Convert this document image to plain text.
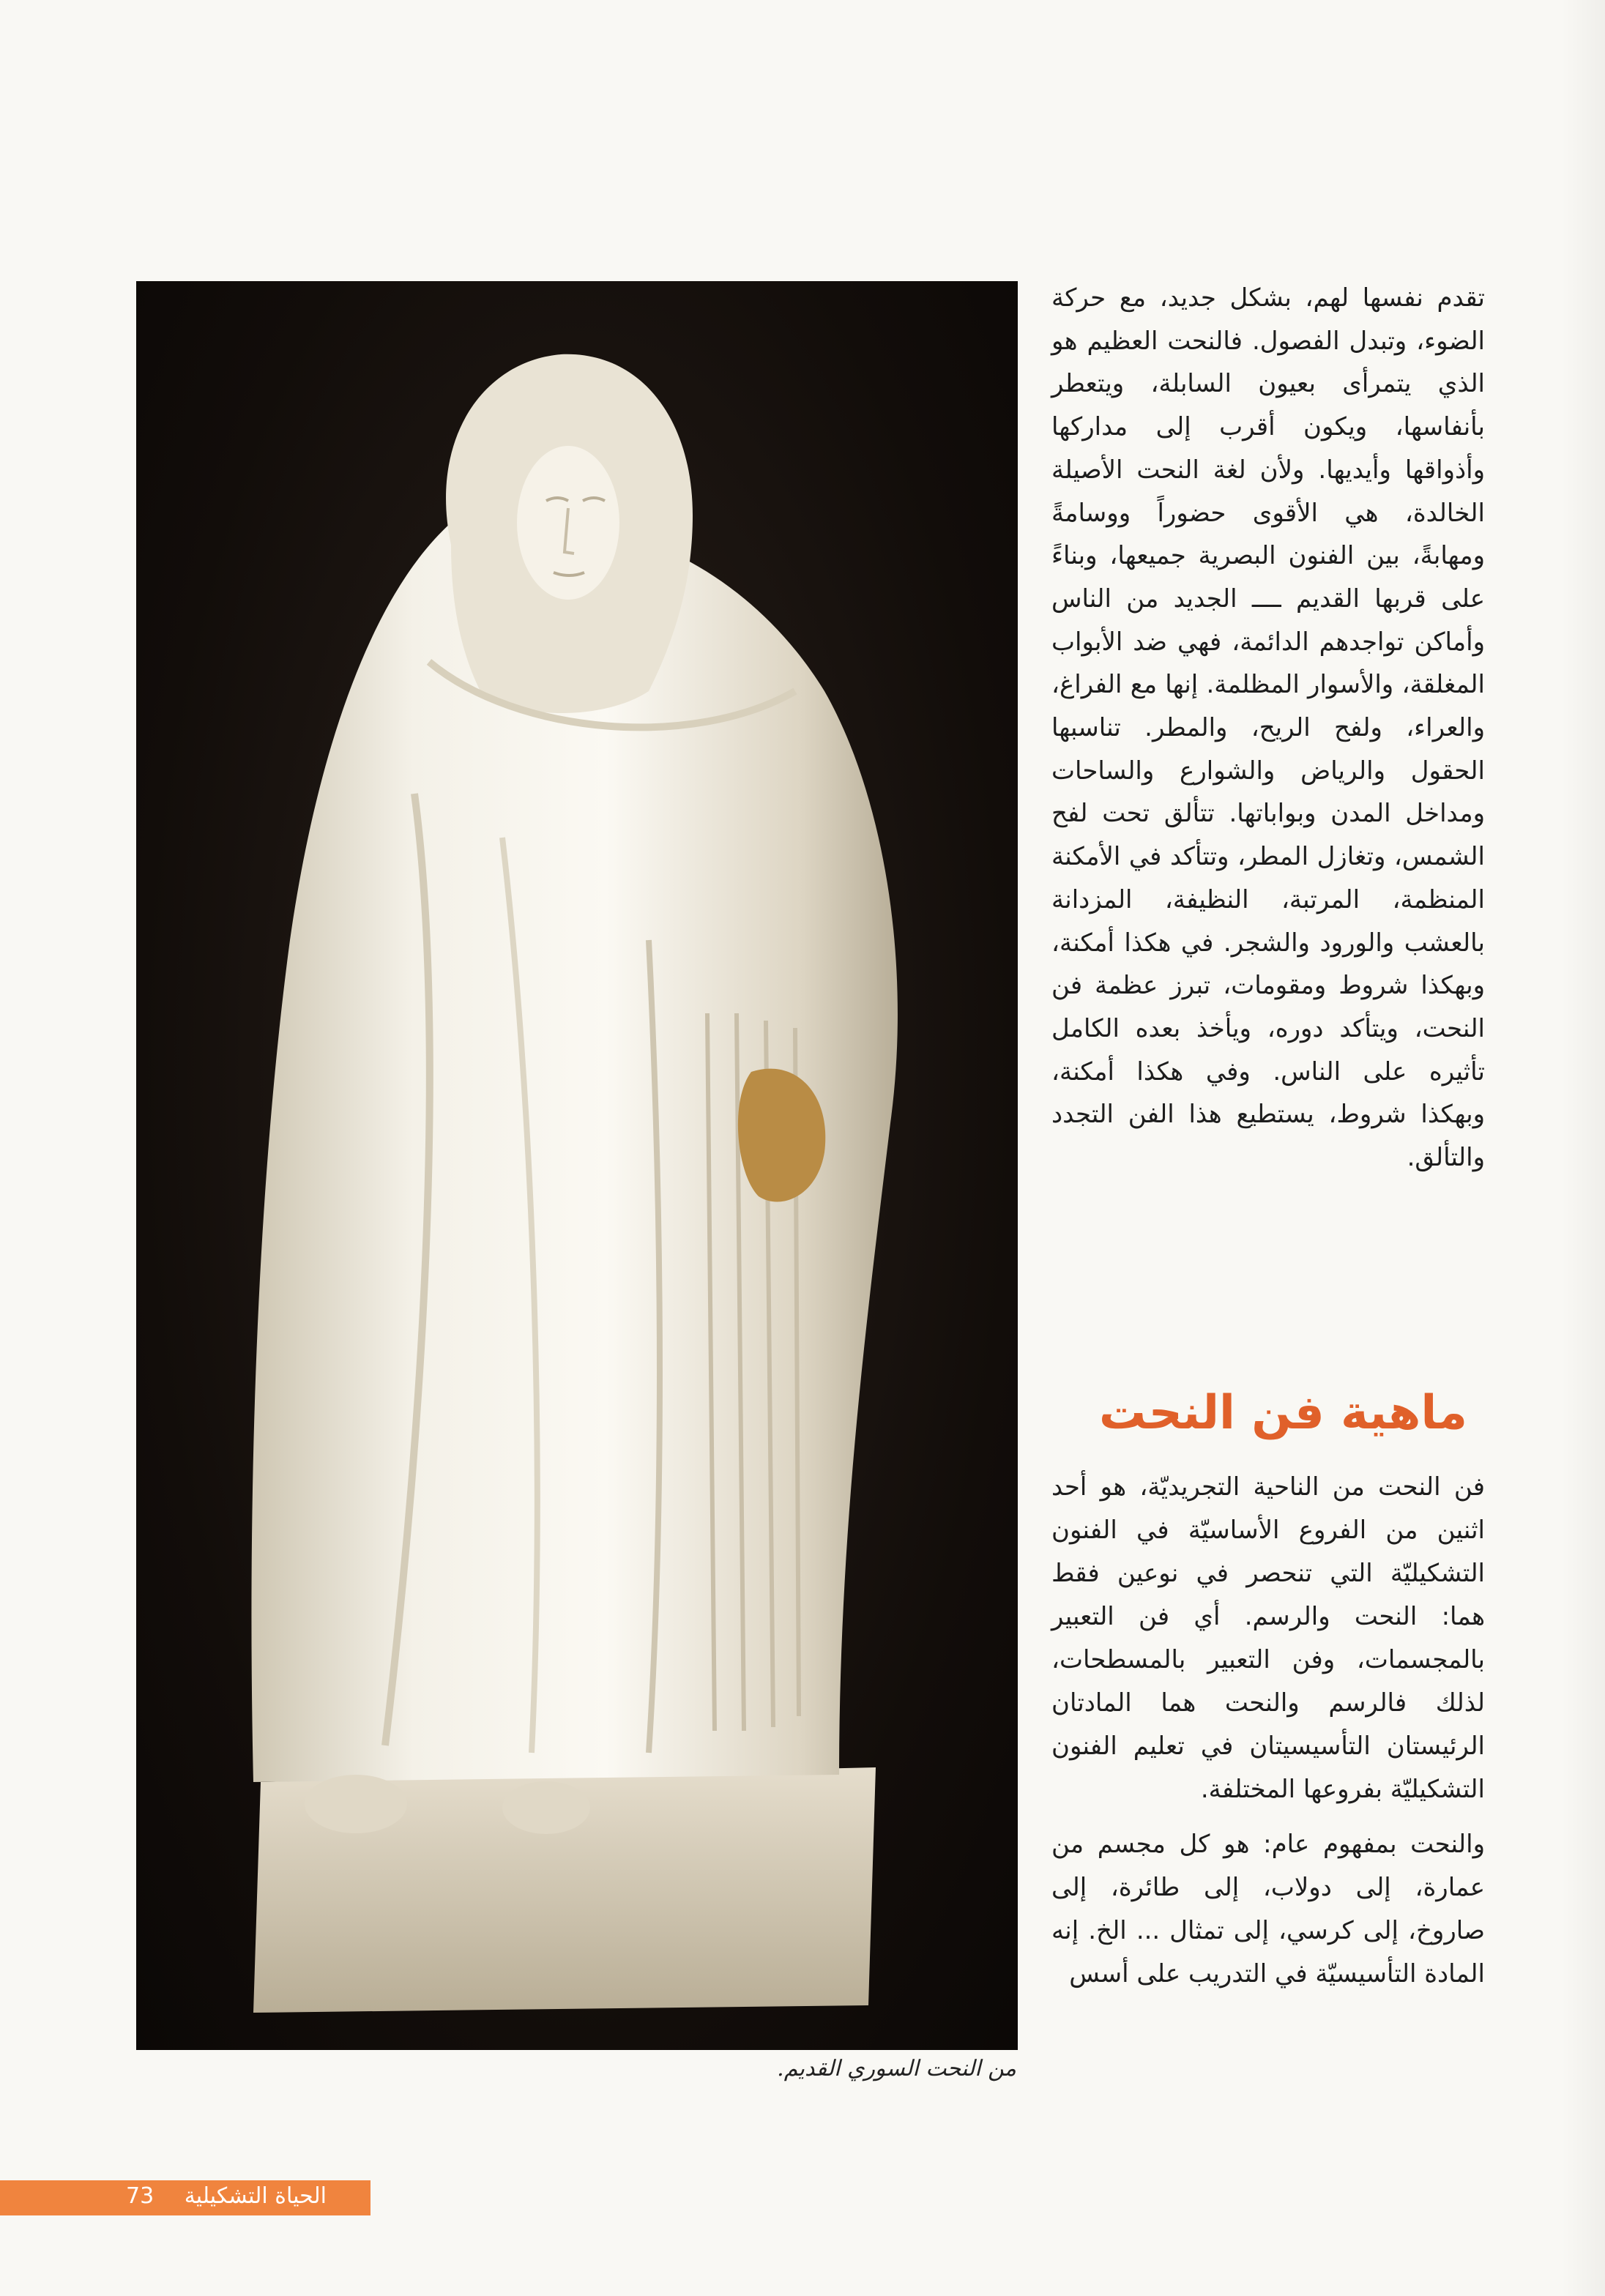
من النحت السوري القديم.

تقدم نفسها لهم، بشكل جديد، مع حركة الضوء، وتبدل الفصول. فالنحت العظيم هو الذي يتمرأى بعيون السابلة، ويتعطر بأنفاسها، ويكون أقرب إلى مداركها وأذواقها وأيديها. ولأن لغة النحت الأصيلة الخالدة، هي الأقوى حضوراً ووسامةً ومهابةً، بين الفنون البصرية جميعها، وبناءً على قربها القديم ــــ الجديد من الناس وأماكن تواجدهم الدائمة، فهي ضد الأبواب المغلقة، والأسوار المظلمة. إنها مع الفراغ، والعراء، ولفح الريح، والمطر. تناسبها الحقول والرياض والشوارع والساحات ومداخل المدن وبواباتها. تتألق تحت لفح الشمس، وتغازل المطر، وتتأكد في الأمكنة المنظمة، المرتبة، النظيفة، المزدانة بالعشب والورود والشجر. في هكذا أمكنة، وبهكذا شروط ومقومات، تبرز عظمة فن النحت، ويتأكد دوره، ويأخذ بعده الكامل تأثيره على الناس. وفي هكذا أمكنة، وبهكذا شروط، يستطيع هذا الفن التجدد والتألق.

ماهية فن النحت

فن النحت من الناحية التجريديّة، هو أحد اثنين من الفروع الأساسيّة في الفنون التشكيليّة التي تنحصر في نوعين فقط هما: النحت والرسم. أي فن التعبير بالمجسمات، وفن التعبير بالمسطحات، لذلك فالرسم والنحت هما المادتان الرئيستان التأسيسيتان في تعليم الفنون التشكيليّة بفروعها المختلفة.

والنحت بمفهوم عام: هو كل مجسم من عمارة، إلى دولاب، إلى طائرة، إلى صاروخ، إلى كرسي، إلى تمثال ... الخ. إنه المادة التأسيسيّة في التدريب على أسس

الحياة التشكيلية
73
